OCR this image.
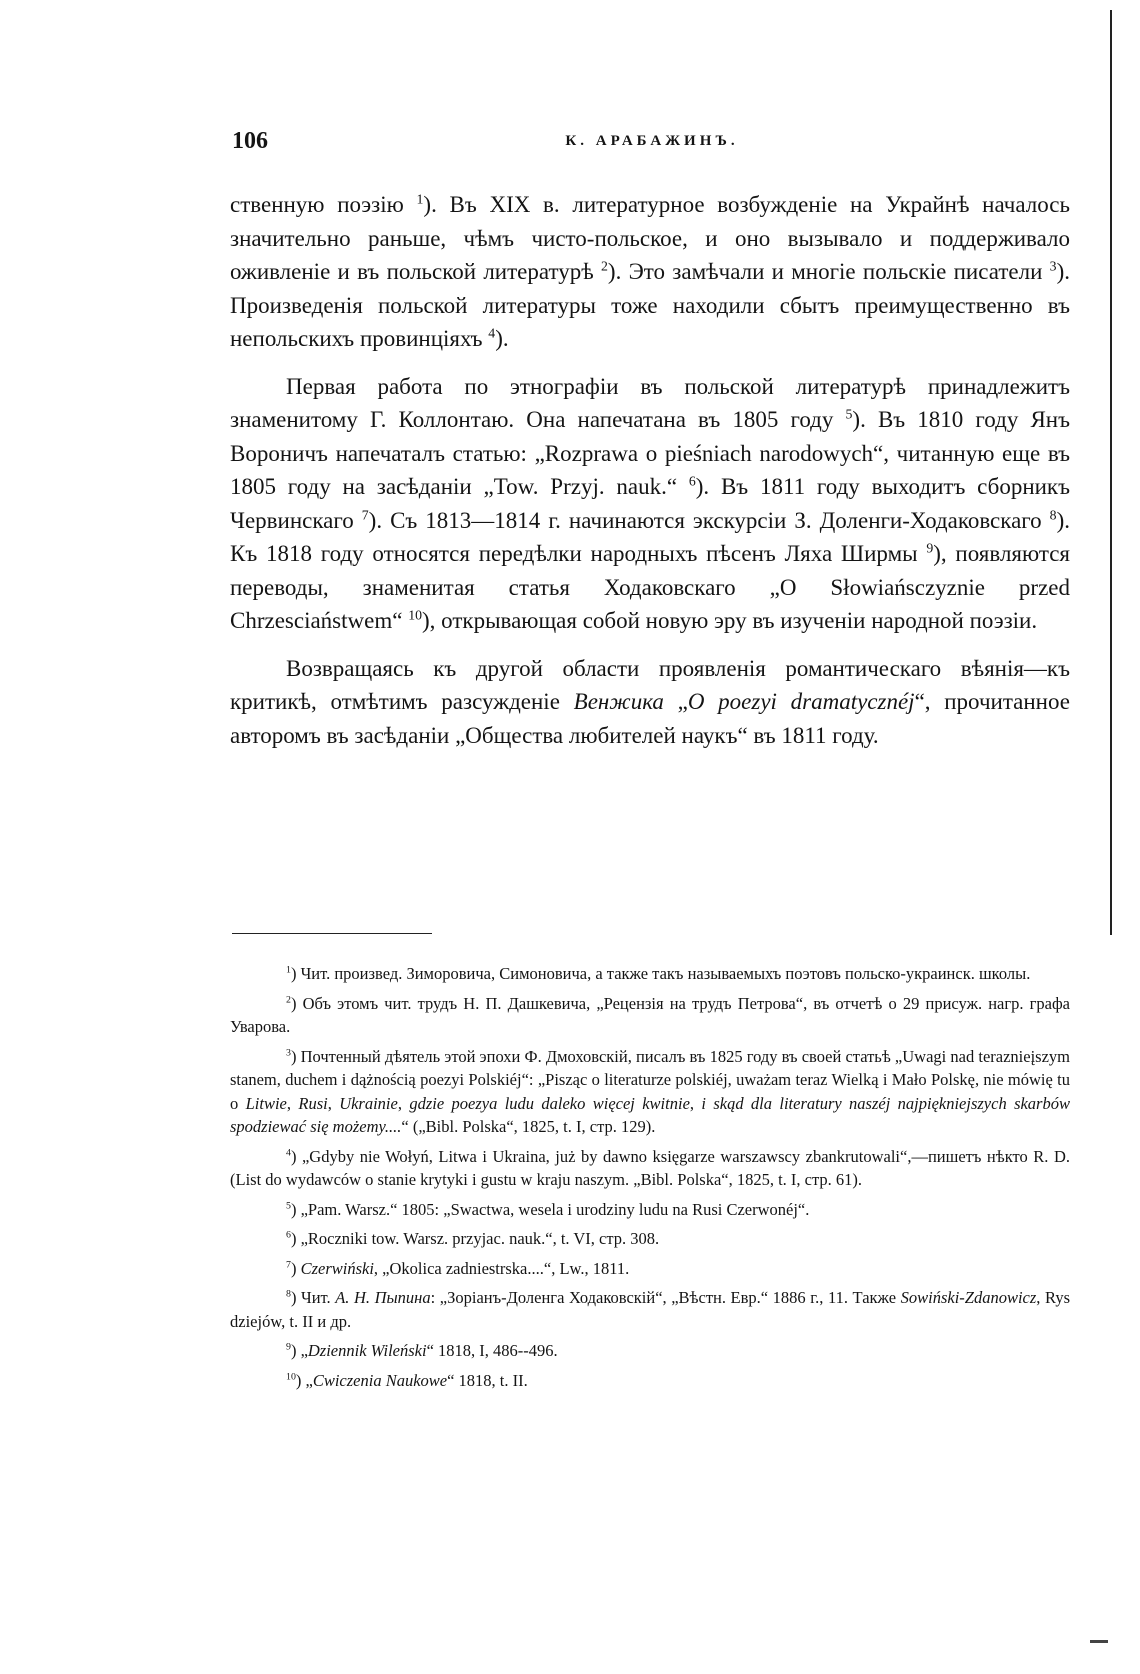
106	К. АРАБАЖИНЪ.

ственную поэзію $^1$). Въ XIX в. литературное возбужденіе на Украйнѣ началось значительно раньше, чѣмъ чисто-польское, и оно вызывало и поддерживало оживленіе и въ польской литературѣ $^2$). Это замѣчали и многіе польскіе писатели $^3$). Произведенія польской литературы тоже находили сбытъ преимущественно въ непольскихъ провинціяхъ $^4$).

Первая работа по этнографіи въ польской литературѣ принадлежитъ знаменитому Г. Коллонтаю. Она напечатана въ 1805 году $^5$). Въ 1810 году Янъ Вороничъ напечаталъ статью: „Rozprawa o pieśniach narodowych“, читанную еще въ 1805 году на засѣданіи „Tow. Przyj. nauk.“ $^6$). Въ 1811 году выходитъ сборникъ Червинскаго $^7$). Съ 1813—1814 г. начинаются экскурсіи З. Доленги-Ходаковскаго $^8$). Къ 1818 году относятся передѣлки народныхъ пѣсенъ Ляха Ширмы $^9$), появляются переводы, знаменитая статья Ходаковскаго „O Słowiańsczyznie przed Chrzesciaństwem“ $^{10}$), открывающая собой новую эру въ изученіи народной поэзіи.

Возвращаясь къ другой области проявленія романтическаго вѣянія—къ критикѣ, отмѣтимъ разсужденіе Венжика „O poezyi dramatycznéj“, прочитанное авторомъ въ засѣданіи „Общества любителей наукъ“ въ 1811 году.

$^1$) Чит. произвед. Зиморовича, Симоновича, а также такъ называемыхъ поэтовъ польско-украинск. школы.

$^2$) Объ этомъ чит. трудъ Н. П. Дашкевича, „Рецензія на трудъ Петрова“, въ отчетѣ о 29 присуж. нагр. графа Уварова.

$^3$) Почтенный дѣятель этой эпохи Ф. Дмоховскій, писалъ въ 1825 году въ своей статьѣ „Uwagi nad teraznieįszym stanem, duchem i dążnością poezyi Polskiéj“: „Pisząc o literaturze polskiéj, uważam teraz Wielką i Mało Polskę, nie mówię tu o Litwie, Rusi, Ukrainie, gdzie poezya ludu daleko więcej kwitnie, i skąd dla literatury naszéj najpiękniejszych skarbów spodziewać się możemy....“ („Bibl. Polska“, 1825, t. I, стр. 129).

$^4$) „Gdyby nie Wołyń, Litwa i Ukraina, już by dawno księgarze warszawscy zbankrutowali“,—пишетъ нѣкто R. D. (List do wydawców o stanie krytyki i gustu w kraju naszym. „Bibl. Polska“, 1825, t. I, стр. 61).

$^5$) „Pam. Warsz.“ 1805: „Swactwa, wesela i urodziny ludu na Rusi Czerwonéj“.

$^6$) „Roczniki tow. Warsz. przyjac. nauk.“, t. VI, стр. 308.

$^7$) Czerwiński, „Okolica zadniestrska....“, Lw., 1811.

$^8$) Чит. А. Н. Пыпина: „Зоріанъ-Доленга Ходаковскій“, „Вѣстн. Евр.“ 1886 г., 11. Также Sowiński-Zdanowicz, Rys dziejów, t. II и др.

$^9$) „Dziennik Wileński“ 1818, I, 486--496.

$^{10}$) „Cwiczenia Naukowe“ 1818, t. II.
